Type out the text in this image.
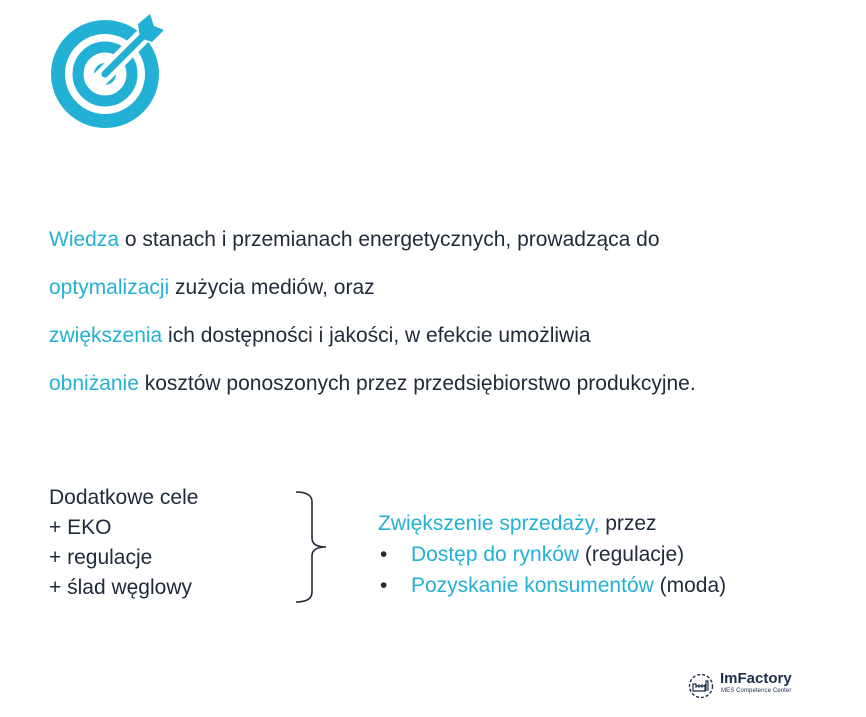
Wiedza o stanach i przemianach energetycznych, prowadząca do
optymalizacji zużycia mediów, oraz
zwiększenia ich dostępności i jakości, w efekcie umożliwia
obniżanie kosztów ponoszonych przez przedsiębiorstwo produkcyjne.
Dodatkowe cele
+ EKO
+ regulacje
+ ślad węglowy
Zwiększenie sprzedaży, przez
• Dostęp do rynków (regulacje)
• Pozyskanie konsumentów (moda)
ImFactory
MES Competence Center
